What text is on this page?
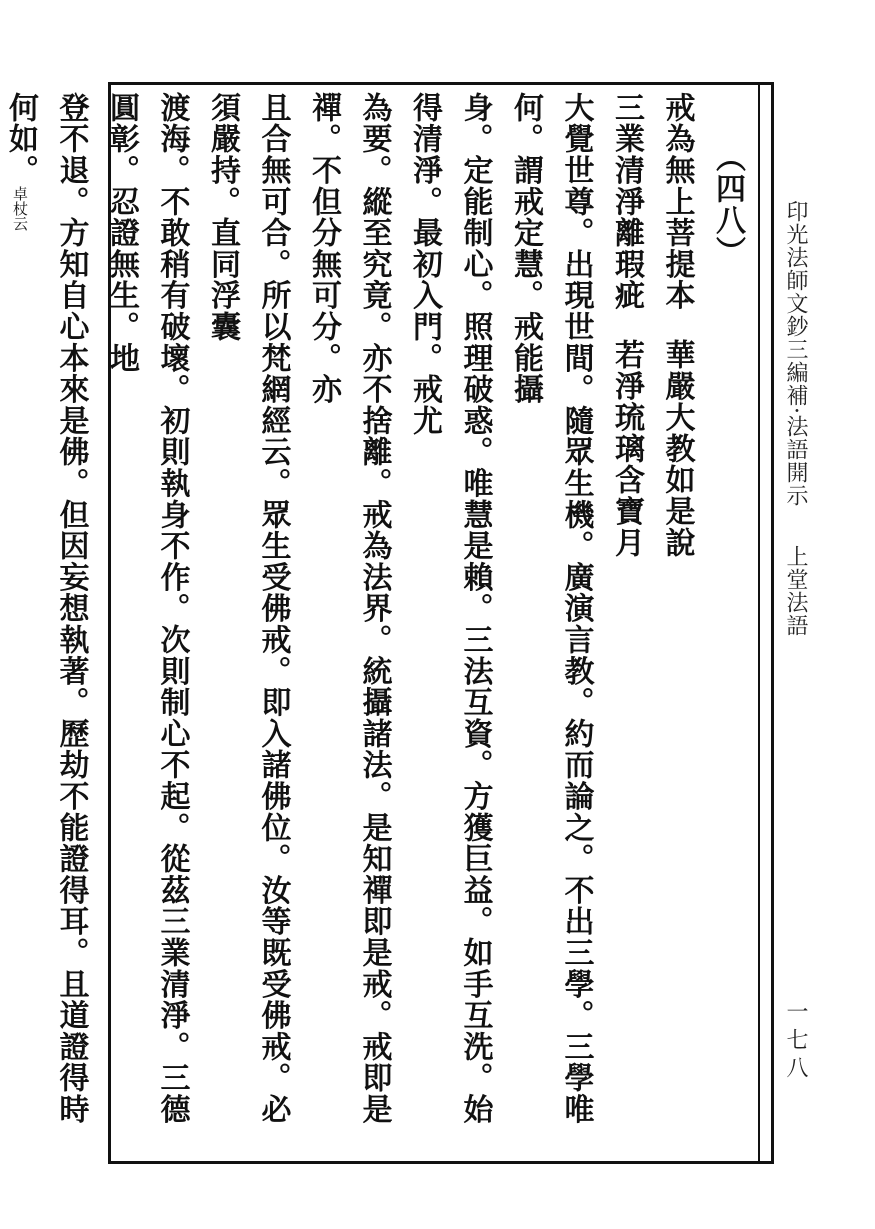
印光法師文鈔三編補·法語開示上堂法語
一七八

（四八）

戒為無上菩提本華嚴大教如是說

三業清淨離瑕疵若淨琉璃含寶月

大覺世尊。出現世間。隨眾生機。廣演言教。約而論之。不出三學。三學唯何。謂戒定慧。戒能攝

身。定能制心。照理破惑。唯慧是賴。三法互資。方獲巨益。如手互洗。始得清淨。最初入門。戒尤

為要。縱至究竟。亦不捨離。戒為法界。統攝諸法。是知禪即是戒。戒即是禪。不但分無可分。亦

且合無可合。所以梵網經云。眾生受佛戒。即入諸佛位。汝等既受佛戒。必須嚴持。直同浮囊

渡海。不敢稍有破壞。初則執身不作。次則制心不起。從茲三業清淨。三德圓彰。忍證無生。地

登不退。方知自心本來是佛。但因妄想執著。歷劫不能證得耳。且道證得時何如。卓杖云
